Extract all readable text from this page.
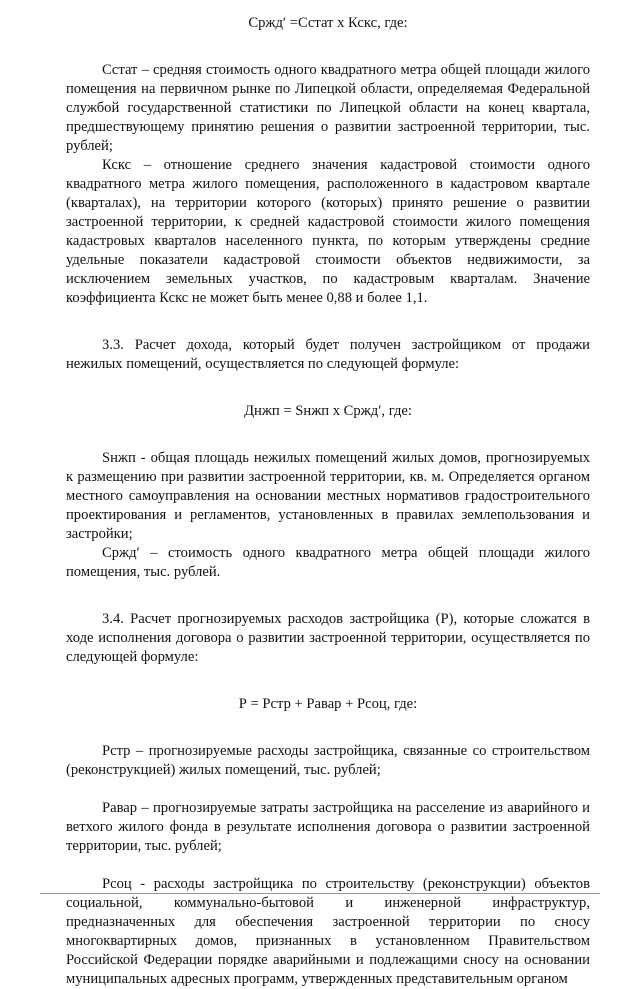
Срждʹ =Сстат x Кскс, где:

Сстат – средняя стоимость одного квадратного метра общей площади жилого помещения на первичном рынке по Липецкой области, определяемая Федеральной службой государственной статистики по Липецкой области на конец квартала, предшествующему принятию решения о развитии застроенной территории, тыс. рублей;

Кскс – отношение среднего значения кадастровой стоимости одного квадратного метра жилого помещения, расположенного в кадастровом квартале (кварталах), на территории которого (которых) принято решение о развитии застроенной территории, к средней кадастровой стоимости жилого помещения кадастровых кварталов населенного пункта, по которым утверждены средние удельные показатели кадастровой стоимости объектов недвижимости, за исключением земельных участков, по кадастровым кварталам. Значение коэффициента Кскс не может быть менее 0,88 и более 1,1.

3.3. Расчет дохода, который будет получен застройщиком от продажи нежилых помещений, осуществляется по следующей формуле:

Днжп = Sнжп x Срждʹ, где:

Sнжп - общая площадь нежилых помещений жилых домов, прогнозируемых к размещению при развитии застроенной территории, кв. м. Определяется органом местного самоуправления на основании местных нормативов градостроительного проектирования и регламентов, установленных в правилах землепользования и застройки;

Срждʹ – стоимость одного квадратного метра общей площади жилого помещения, тыс. рублей.

3.4. Расчет прогнозируемых расходов застройщика (Р), которые сложатся в ходе исполнения договора о развитии застроенной территории, осуществляется по следующей формуле:

Р = Рстр + Равар + Рсоц, где:

Рстр – прогнозируемые расходы застройщика, связанные со строительством (реконструкцией) жилых помещений, тыс. рублей;

Равар – прогнозируемые затраты застройщика на расселение из аварийного и ветхого жилого фонда в результате исполнения договора о развитии застроенной территории, тыс. рублей;

Рсоц - расходы застройщика по строительству (реконструкции) объектов социальной, коммунально-бытовой и инженерной инфраструктур, предназначенных для обеспечения застроенной территории по сносу многоквартирных домов, признанных в установленном Правительством Российской Федерации порядке аварийными и подлежащими сносу на основании муниципальных адресных программ, утвержденных представительным органом
